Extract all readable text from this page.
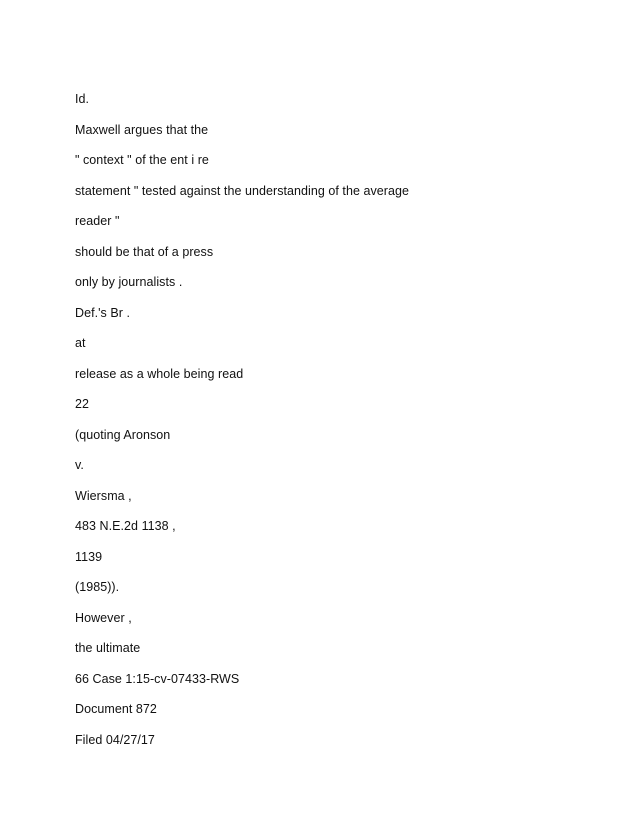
Id.
Maxwell argues that the
" context " of the ent i re
statement " tested against the understanding of the average
reader "
should be that of a press
only by journalists .
Def.'s Br .
at
release as a whole being read
22
(quoting Aronson
v.
Wiersma ,
483 N.E.2d 1138 ,
1139
(1985)).
However ,
the ultimate
66 Case 1:15-cv-07433-RWS
Document 872
Filed 04/27/17
